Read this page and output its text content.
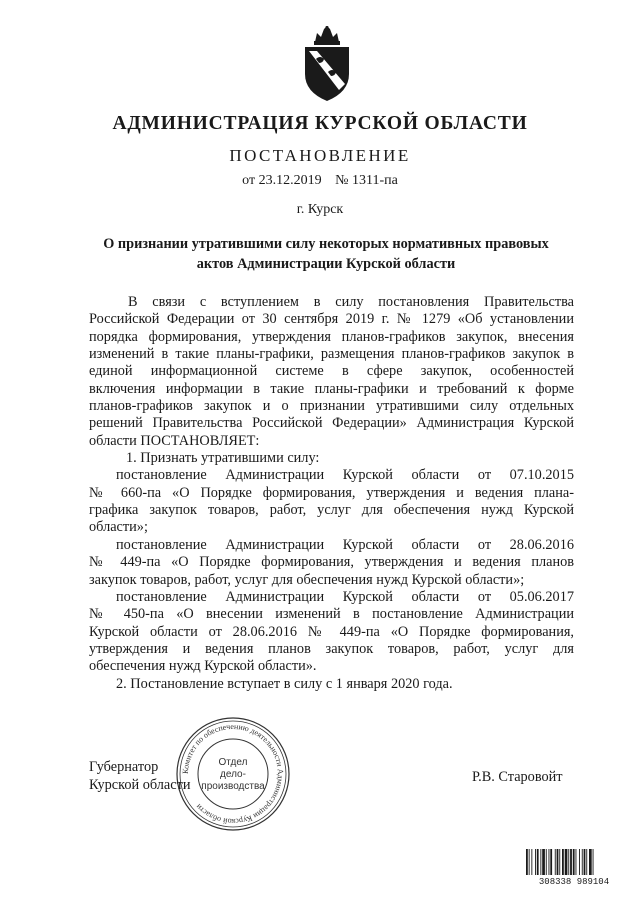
АДМИНИСТРАЦИЯ КУРСКОЙ ОБЛАСТИ
ПОСТАНОВЛЕНИЕ
от 23.12.2019 № 1311-па
г. Курск
О признании утратившими силу некоторых нормативных правовых
актов Администрации Курской области
В связи с вступлением в силу постановления Правительства
Российской Федерации от 30 сентября 2019 г. № 1279 «Об установлении
порядка формирования, утверждения планов-графиков закупок, внесения
изменений в такие планы-графики, размещения планов-графиков закупок в
единой информационной системе в сфере закупок, особенностей
включения информации в такие планы-графики и требований к форме
планов-графиков закупок и о признании утратившими силу отдельных
решений Правительства Российской Федерации» Администрация Курской
области ПОСТАНОВЛЯЕТ:
1. Признать утратившими силу:
постановление Администрации Курской области от 07.10.2015
№ 660-па «О Порядке формирования, утверждения и ведения плана-
графика закупок товаров, работ, услуг для обеспечения нужд Курской
области»;
постановление Администрации Курской области от 28.06.2016
№ 449-па «О Порядке формирования, утверждения и ведения планов
закупок товаров, работ, услуг для обеспечения нужд Курской области»;
постановление Администрации Курской области от 05.06.2017
№ 450-па «О внесении изменений в постановление Администрации
Курской области от 28.06.2016 № 449-па «О Порядке формирования,
утверждения и ведения планов закупок товаров, работ, услуг для
обеспечения нужд Курской области».
2. Постановление вступает в силу с 1 января 2020 года.
Комитет по обеспечению деятельности Администрации Курской области
Отдел
дело-
производства
Губернатор
Курской области	Р.В. Старовойт
308338 989104
